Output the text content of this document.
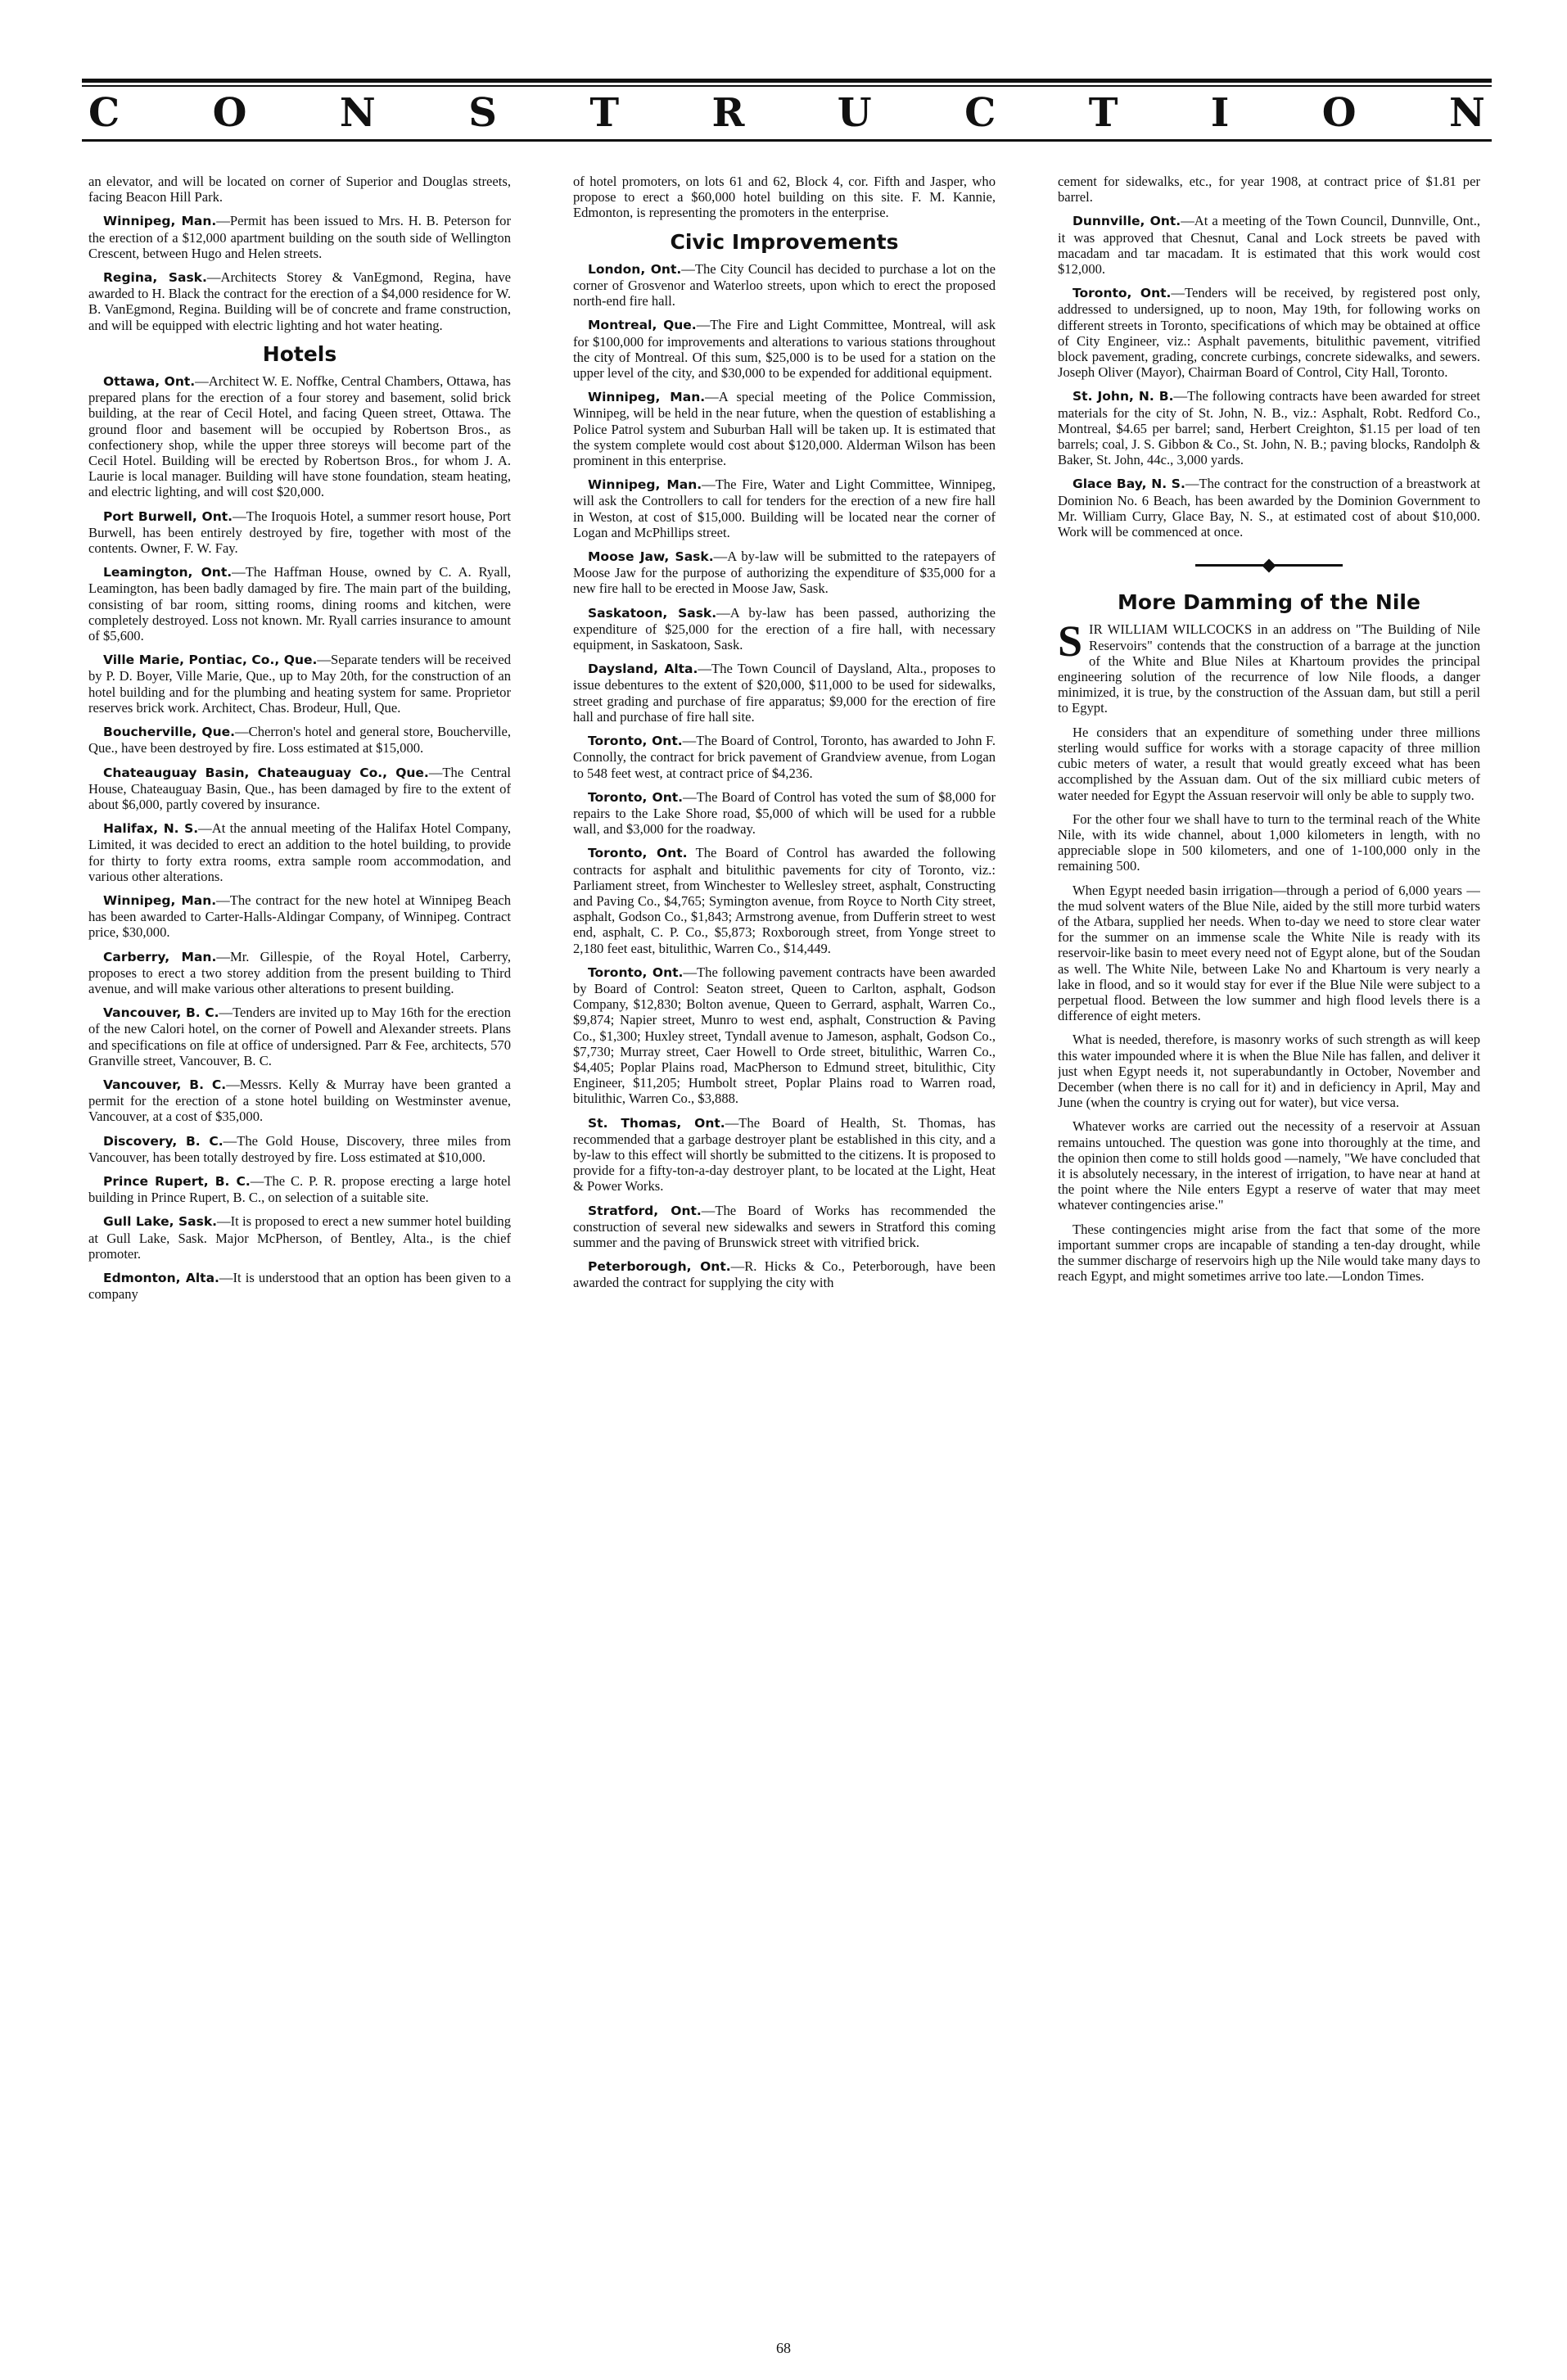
C O N S T R U C T I O N

an elevator, and will be located on corner of Superior and Douglas streets, facing Beacon Hill Park.

Winnipeg, Man.—Permit has been issued to Mrs. H. B. Peterson for the erection of a $12,000 apartment building on the south side of Wellington Crescent, between Hugo and Helen streets.

Regina, Sask.—Architects Storey & VanEgmond, Regina, have awarded to H. Black the contract for the erection of a $4,000 residence for W. B. VanEgmond, Regina. Building will be of concrete and frame construction, and will be equipped with electric lighting and hot water heating.

Hotels

Ottawa, Ont.—Architect W. E. Noffke, Central Chambers, Ottawa, has prepared plans for the erection of a four storey and basement, solid brick building, at the rear of Cecil Hotel, and facing Queen street, Ottawa. The ground floor and basement will be occupied by Robertson Bros., as confectionery shop, while the upper three storeys will become part of the Cecil Hotel. Building will be erected by Robertson Bros., for whom J. A. Laurie is local manager. Building will have stone foundation, steam heating, and electric lighting, and will cost $20,000.

Port Burwell, Ont.—The Iroquois Hotel, a summer resort house, Port Burwell, has been entirely destroyed by fire, together with most of the contents. Owner, F. W. Fay.

Leamington, Ont.—The Haffman House, owned by C. A. Ryall, Leamington, has been badly damaged by fire. The main part of the building, consisting of bar room, sitting rooms, dining rooms and kitchen, were completely destroyed. Loss not known. Mr. Ryall carries insurance to amount of $5,600.

Ville Marie, Pontiac, Co., Que.—Separate tenders will be received by P. D. Boyer, Ville Marie, Que., up to May 20th, for the construction of an hotel building and for the plumbing and heating system for same. Proprietor reserves brick work. Architect, Chas. Brodeur, Hull, Que.

Boucherville, Que.—Cherron's hotel and general store, Boucherville, Que., have been destroyed by fire. Loss estimated at $15,000.

Chateauguay Basin, Chateauguay Co., Que.—The Central House, Chateauguay Basin, Que., has been damaged by fire to the extent of about $6,000, partly covered by insurance.

Halifax, N. S.—At the annual meeting of the Halifax Hotel Company, Limited, it was decided to erect an addition to the hotel building, to provide for thirty to forty extra rooms, extra sample room accommodation, and various other alterations.

Winnipeg, Man.—The contract for the new hotel at Winnipeg Beach has been awarded to Carter-Halls-Aldingar Company, of Winnipeg. Contract price, $30,000.

Carberry, Man.—Mr. Gillespie, of the Royal Hotel, Carberry, proposes to erect a two storey addition from the present building to Third avenue, and will make various other alterations to present building.

Vancouver, B. C.—Tenders are invited up to May 16th for the erection of the new Calori hotel, on the corner of Powell and Alexander streets. Plans and specifications on file at office of undersigned. Parr & Fee, architects, 570 Granville street, Vancouver, B. C.

Vancouver, B. C.—Messrs. Kelly & Murray have been granted a permit for the erection of a stone hotel building on Westminster avenue, Vancouver, at a cost of $35,000.

Discovery, B. C.—The Gold House, Discovery, three miles from Vancouver, has been totally destroyed by fire. Loss estimated at $10,000.

Prince Rupert, B. C.—The C. P. R. propose erecting a large hotel building in Prince Rupert, B. C., on selection of a suitable site.

Gull Lake, Sask.—It is proposed to erect a new summer hotel building at Gull Lake, Sask. Major McPherson, of Bentley, Alta., is the chief promoter.

Edmonton, Alta.—It is understood that an option has been given to a company

of hotel promoters, on lots 61 and 62, Block 4, cor. Fifth and Jasper, who propose to erect a $60,000 hotel building on this site. F. M. Kannie, Edmonton, is representing the promoters in the enterprise.

Civic Improvements

London, Ont.—The City Council has decided to purchase a lot on the corner of Grosvenor and Waterloo streets, upon which to erect the proposed north-end fire hall.

Montreal, Que.—The Fire and Light Committee, Montreal, will ask for $100,000 for improvements and alterations to various stations throughout the city of Montreal. Of this sum, $25,000 is to be used for a station on the upper level of the city, and $30,000 to be expended for additional equipment.

Winnipeg, Man.—A special meeting of the Police Commission, Winnipeg, will be held in the near future, when the question of establishing a Police Patrol system and Suburban Hall will be taken up. It is estimated that the system complete would cost about $120,000. Alderman Wilson has been prominent in this enterprise.

Winnipeg, Man.—The Fire, Water and Light Committee, Winnipeg, will ask the Controllers to call for tenders for the erection of a new fire hall in Weston, at cost of $15,000. Building will be located near the corner of Logan and McPhillips street.

Moose Jaw, Sask.—A by-law will be submitted to the ratepayers of Moose Jaw for the purpose of authorizing the expenditure of $35,000 for a new fire hall to be erected in Moose Jaw, Sask.

Saskatoon, Sask.—A by-law has been passed, authorizing the expenditure of $25,000 for the erection of a fire hall, with necessary equipment, in Saskatoon, Sask.

Daysland, Alta.—The Town Council of Daysland, Alta., proposes to issue debentures to the extent of $20,000, $11,000 to be used for sidewalks, street grading and purchase of fire apparatus; $9,000 for the erection of fire hall and purchase of fire hall site.

Toronto, Ont.—The Board of Control, Toronto, has awarded to John F. Connolly, the contract for brick pavement of Grandview avenue, from Logan to 548 feet west, at contract price of $4,236.

Toronto, Ont.—The Board of Control has voted the sum of $8,000 for repairs to the Lake Shore road, $5,000 of which will be used for a rubble wall, and $3,000 for the roadway.

Toronto, Ont. The Board of Control has awarded the following contracts for asphalt and bitulithic pavements for city of Toronto, viz.: Parliament street, from Winchester to Wellesley street, asphalt, Constructing and Paving Co., $4,765; Symington avenue, from Royce to North City street, asphalt, Godson Co., $1,843; Armstrong avenue, from Dufferin street to west end, asphalt, C. P. Co., $5,873; Roxborough street, from Yonge street to 2,180 feet east, bitulithic, Warren Co., $14,449.

Toronto, Ont.—The following pavement contracts have been awarded by Board of Control: Seaton street, Queen to Carlton, asphalt, Godson Company, $12,830; Bolton avenue, Queen to Gerrard, asphalt, Warren Co., $9,874; Napier street, Munro to west end, asphalt, Construction & Paving Co., $1,300; Huxley street, Tyndall avenue to Jameson, asphalt, Godson Co., $7,730; Murray street, Caer Howell to Orde street, bitulithic, Warren Co., $4,405; Poplar Plains road, MacPherson to Edmund street, bitulithic, City Engineer, $11,205; Humbolt street, Poplar Plains road to Warren road, bitulithic, Warren Co., $3,888.

St. Thomas, Ont.—The Board of Health, St. Thomas, has recommended that a garbage destroyer plant be established in this city, and a by-law to this effect will shortly be submitted to the citizens. It is proposed to provide for a fifty-ton-a-day destroyer plant, to be located at the Light, Heat & Power Works.

Stratford, Ont.—The Board of Works has recommended the construction of several new sidewalks and sewers in Stratford this coming summer and the paving of Brunswick street with vitrified brick.

Peterborough, Ont.—R. Hicks & Co., Peterborough, have been awarded the contract for supplying the city with

cement for sidewalks, etc., for year 1908, at contract price of $1.81 per barrel.

Dunnville, Ont.—At a meeting of the Town Council, Dunnville, Ont., it was approved that Chesnut, Canal and Lock streets be paved with macadam and tar macadam. It is estimated that this work would cost $12,000.

Toronto, Ont.—Tenders will be received, by registered post only, addressed to undersigned, up to noon, May 19th, for following works on different streets in Toronto, specifications of which may be obtained at office of City Engineer, viz.: Asphalt pavements, bitulithic pavement, vitrified block pavement, grading, concrete curbings, concrete sidewalks, and sewers. Joseph Oliver (Mayor), Chairman Board of Control, City Hall, Toronto.

St. John, N. B.—The following contracts have been awarded for street materials for the city of St. John, N. B., viz.: Asphalt, Robt. Redford Co., Montreal, $4.65 per barrel; sand, Herbert Creighton, $1.15 per load of ten barrels; coal, J. S. Gibbon & Co., St. John, N. B.; paving blocks, Randolph & Baker, St. John, 44c., 3,000 yards.

Glace Bay, N. S.—The contract for the construction of a breastwork at Dominion No. 6 Beach, has been awarded by the Dominion Government to Mr. William Curry, Glace Bay, N. S., at estimated cost of about $10,000. Work will be commenced at once.

More Damming of the Nile

SIR WILLIAM WILLCOCKS in an address on "The Building of Nile Reservoirs" contends that the construction of a barrage at the junction of the White and Blue Niles at Khartoum provides the principal engineering solution of the recurrence of low Nile floods, a danger minimized, it is true, by the construction of the Assuan dam, but still a peril to Egypt.

He considers that an expenditure of something under three millions sterling would suffice for works with a storage capacity of three million cubic meters of water, a result that would greatly exceed what has been accomplished by the Assuan dam. Out of the six milliard cubic meters of water needed for Egypt the Assuan reservoir will only be able to supply two.

For the other four we shall have to turn to the terminal reach of the White Nile, with its wide channel, about 1,000 kilometers in length, with no appreciable slope in 500 kilometers, and one of 1-100,000 only in the remaining 500.

When Egypt needed basin irrigation—through a period of 6,000 years — the mud solvent waters of the Blue Nile, aided by the still more turbid waters of the Atbara, supplied her needs. When to-day we need to store clear water for the summer on an immense scale the White Nile is ready with its reservoir-like basin to meet every need not of Egypt alone, but of the Soudan as well. The White Nile, between Lake No and Khartoum is very nearly a lake in flood, and so it would stay for ever if the Blue Nile were subject to a perpetual flood. Between the low summer and high flood levels there is a difference of eight meters.

What is needed, therefore, is masonry works of such strength as will keep this water impounded where it is when the Blue Nile has fallen, and deliver it just when Egypt needs it, not superabundantly in October, November and December (when there is no call for it) and in deficiency in April, May and June (when the country is crying out for water), but vice versa.

Whatever works are carried out the necessity of a reservoir at Assuan remains untouched. The question was gone into thoroughly at the time, and the opinion then come to still holds good —namely, "We have concluded that it is absolutely necessary, in the interest of irrigation, to have near at hand at the point where the Nile enters Egypt a reserve of water that may meet whatever contingencies arise."

These contingencies might arise from the fact that some of the more important summer crops are incapable of standing a ten-day drought, while the summer discharge of reservoirs high up the Nile would take many days to reach Egypt, and might sometimes arrive too late.—London Times.

68
